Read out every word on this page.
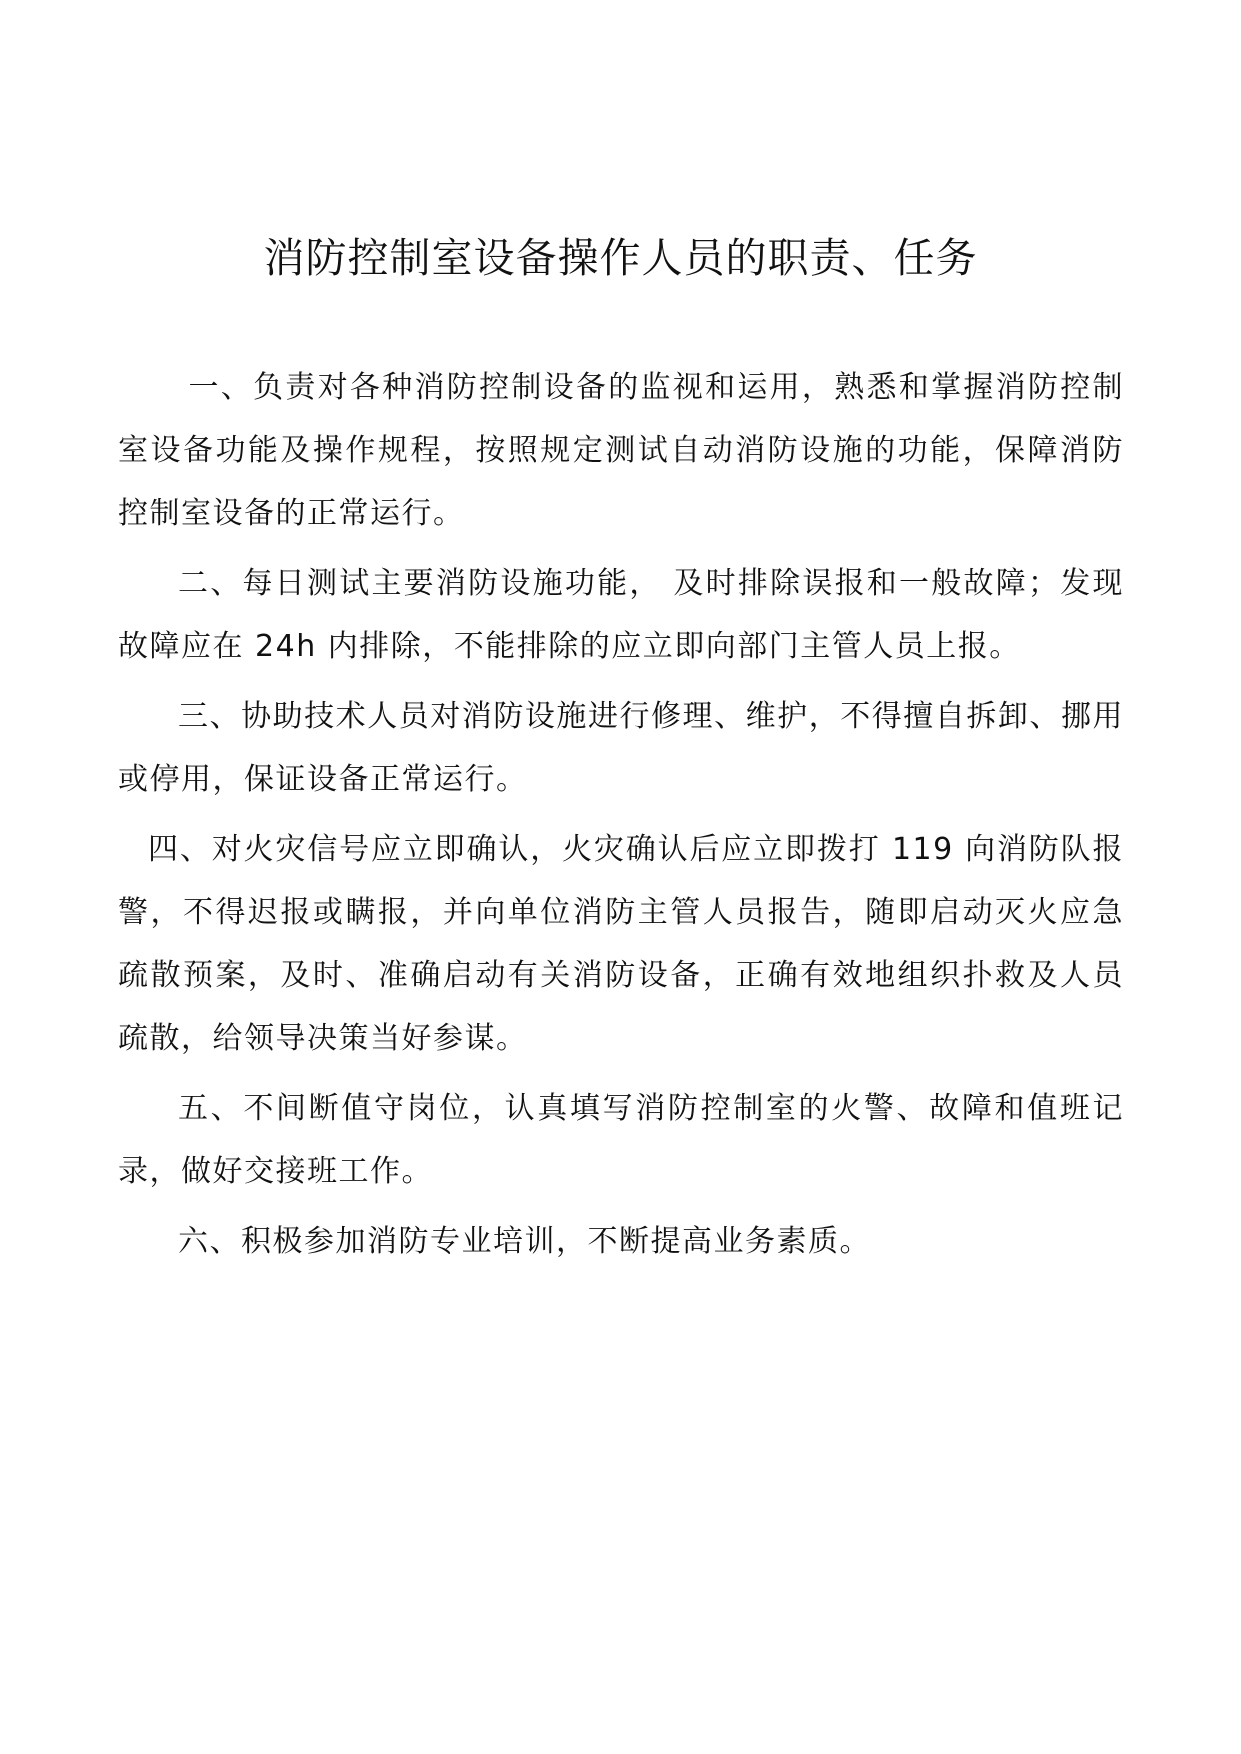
消防控制室设备操作人员的职责、任务

一、负责对各种消防控制设备的监视和运用，熟悉和掌握消防控制室设备功能及操作规程，按照规定测试自动消防设施的功能，保障消防控制室设备的正常运行。

二、每日测试主要消防设施功能， 及时排除误报和一般故障；发现故障应在 24h 内排除，不能排除的应立即向部门主管人员上报。

三、协助技术人员对消防设施进行修理、维护，不得擅自拆卸、挪用或停用，保证设备正常运行。

四、对火灾信号应立即确认，火灾确认后应立即拨打 119 向消防队报警，不得迟报或瞒报，并向单位消防主管人员报告，随即启动灭火应急疏散预案，及时、准确启动有关消防设备，正确有效地组织扑救及人员疏散，给领导决策当好参谋。

五、不间断值守岗位，认真填写消防控制室的火警、故障和值班记录，做好交接班工作。

六、积极参加消防专业培训，不断提高业务素质。
